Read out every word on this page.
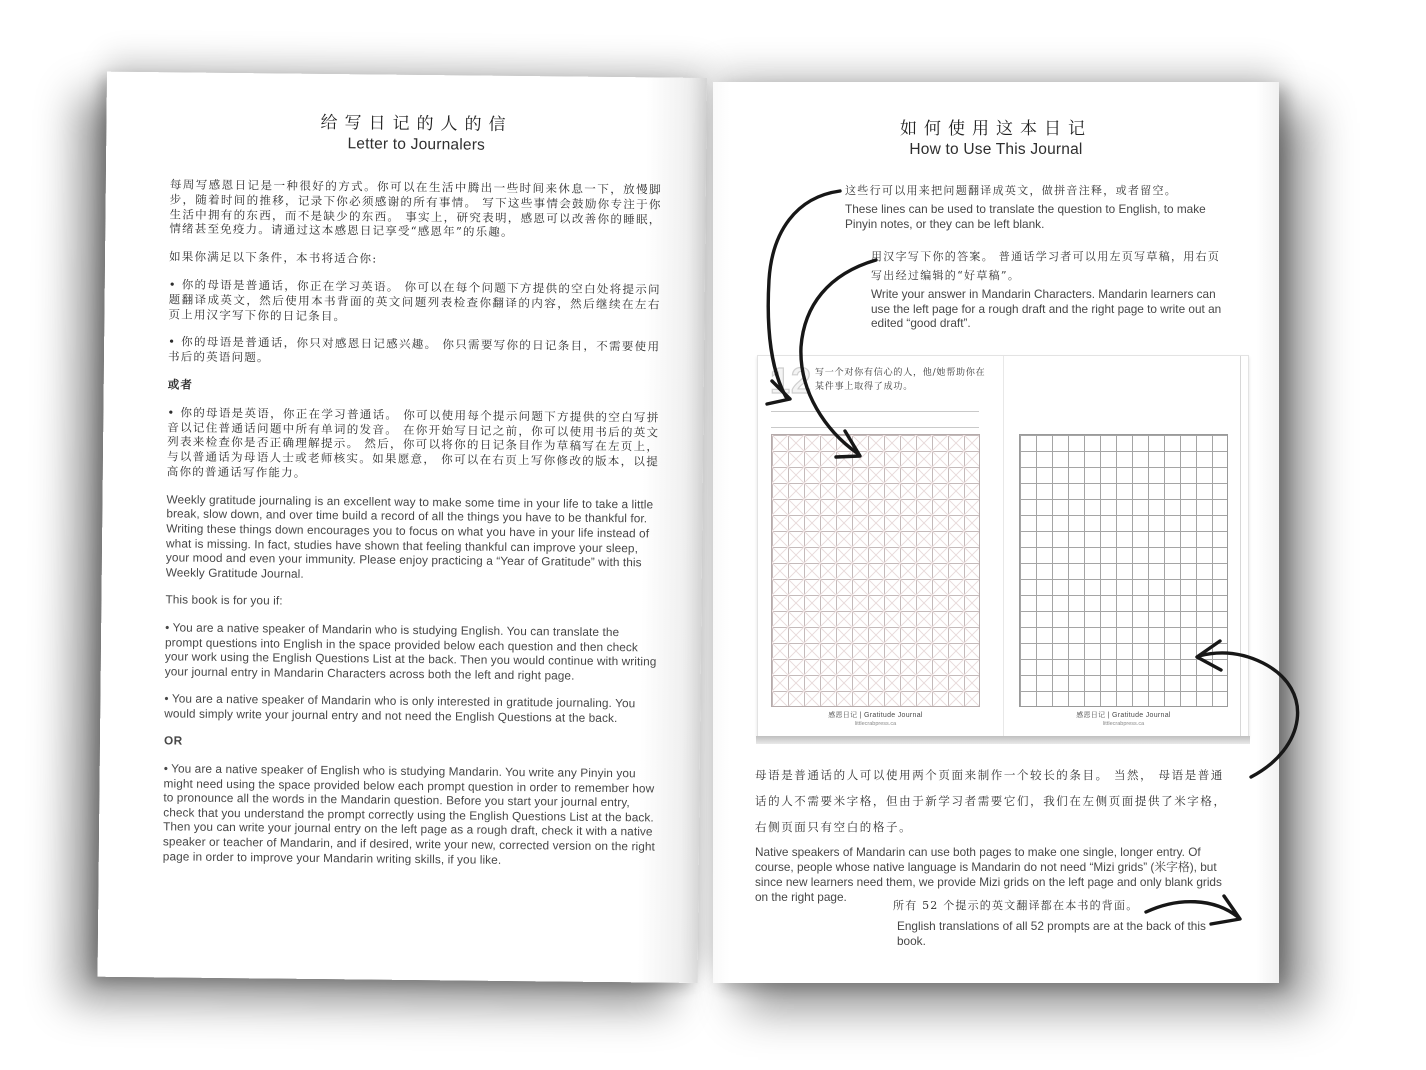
给写日记的人的信
Letter to Journalers

每周写感恩日记是一种很好的方式。你可以在生活中腾出一些时间来休息一下，放慢脚步，随着时间的推移，记录下你必须感谢的所有事情。 写下这些事情会鼓励你专注于你生活中拥有的东西，而不是缺少的东西。 事实上，研究表明，感恩可以改善你的睡眠，情绪甚至免疫力。请通过这本感恩日记享受“感恩年”的乐趣。

如果你满足以下条件，本书将适合你:

• 你的母语是普通话，你正在学习英语。 你可以在每个问题下方提供的空白处将提示问题翻译成英文，然后使用本书背面的英文问题列表检查你翻译的内容，然后继续在左右页上用汉字写下你的日记条目。

• 你的母语是普通话，你只对感恩日记感兴趣。 你只需要写你的日记条目，不需要使用书后的英语问题。

或者

• 你的母语是英语，你正在学习普通话。 你可以使用每个提示问题下方提供的空白写拼音以记住普通话问题中所有单词的发音。 在你开始写日记之前，你可以使用书后的英文列表来检查你是否正确理解提示。 然后，你可以将你的日记条目作为草稿写在左页上，与以普通话为母语人士或老师核实。如果愿意， 你可以在右页上写你修改的版本，以提高你的普通话写作能力。

Weekly gratitude journaling is an excellent way to make some time in your life to take a little break, slow down, and over time build a record of all the things you have to be thankful for. Writing these things down encourages you to focus on what you have in your life instead of what is missing. In fact, studies have shown that feeling thankful can improve your sleep, your mood and even your immunity. Please enjoy practicing a “Year of Gratitude” with this Weekly Gratitude Journal.

This book is for you if:

• You are a native speaker of Mandarin who is studying English. You can translate the prompt questions into English in the space provided below each question and then check your work using the English Questions List at the back. Then you would continue with writing your journal entry in Mandarin Characters across both the left and right page.

• You are a native speaker of Mandarin who is only interested in gratitude journaling. You would simply write your journal entry and not need the English Questions at the back.

OR

• You are a native speaker of English who is studying Mandarin. You write any Pinyin you might need using the space provided below each prompt question in order to remember how to pronounce all the words in the Mandarin question. Before you start your journal entry, check that you understand the prompt correctly using the English Questions List at the back. Then you can write your journal entry on the left page as a rough draft, check it with a native speaker or teacher of Mandarin, and if desired, write your new, corrected version on the right page in order to improve your Mandarin writing skills, if you like.

如何使用这本日记
How to Use This Journal

这些行可以用来把问题翻译成英文，做拼音注释，或者留空。

These lines can be used to translate the question to English, to make Pinyin notes, or they can be left blank.

用汉字写下你的答案。 普通话学习者可以用左页写草稿，用右页写出经过编辑的“好草稿”。

Write your answer in Mandarin Characters. Mandarin learners can use the left page for a rough draft and the right page to write out an edited “good draft”.

12 写一个对你有信心的人，他/她帮助你在某件事上取得了成功。
感恩日记 | Gratitude Journal
littlecrabpress.ca
感恩日记 | Gratitude Journal
littlecrabpress.ca

母语是普通话的人可以使用两个页面来制作一个较长的条目。 当然， 母语是普通话的人不需要米字格，但由于新学习者需要它们，我们在左侧页面提供了米字格，右侧页面只有空白的格子。

Native speakers of Mandarin can use both pages to make one single, longer entry. Of course, people whose native language is Mandarin do not need “Mizi grids” (米字格), but since new learners need them, we provide Mizi grids on the left page and only blank grids on the right page.

所有 52 个提示的英文翻译都在本书的背面。

English translations of all 52 prompts are at the back of this book.
